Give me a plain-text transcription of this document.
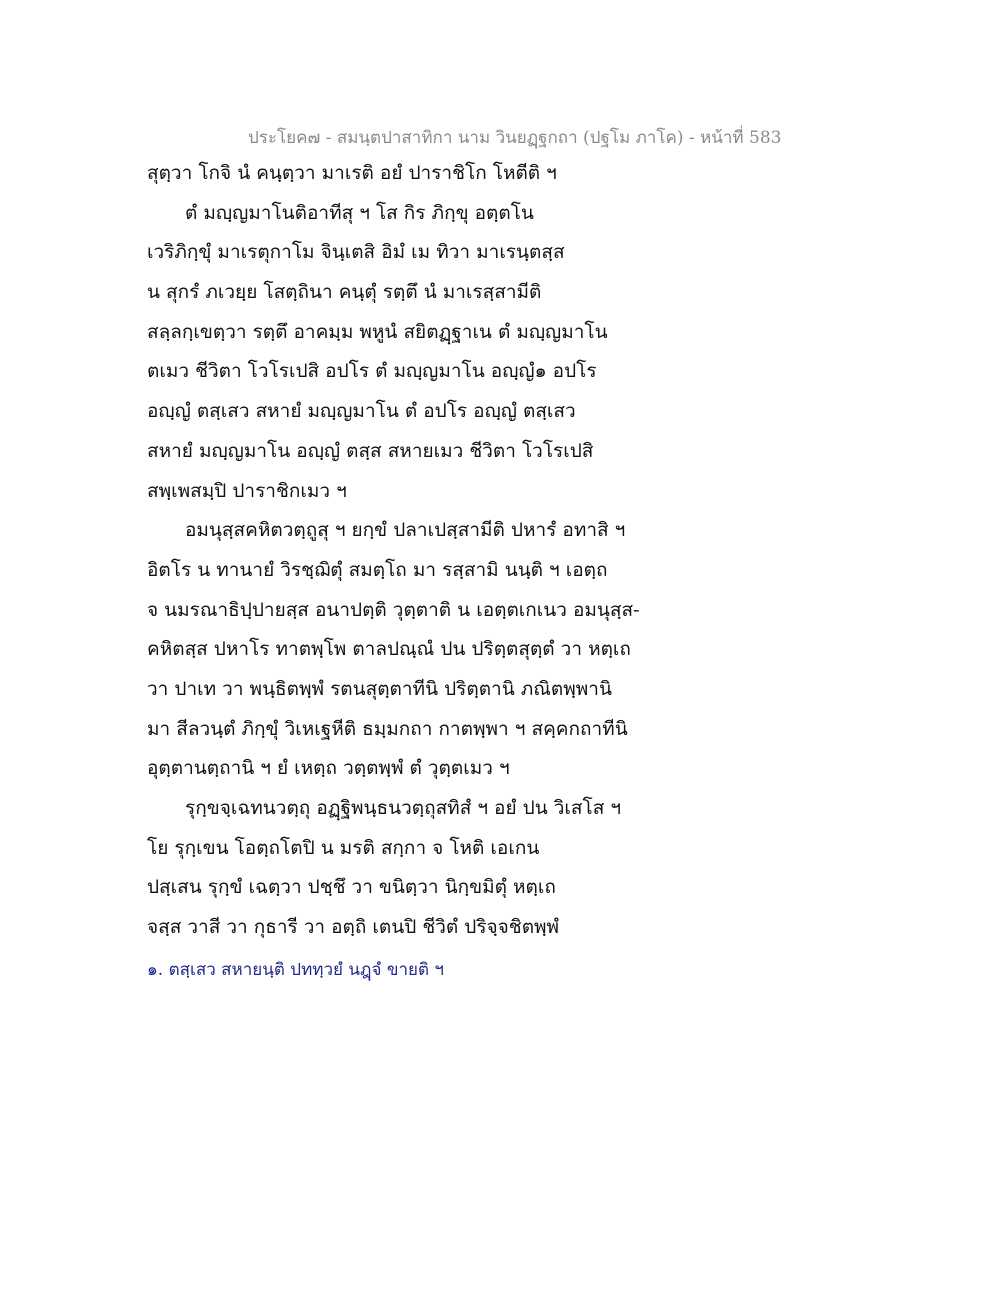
ประโยค๗ - สมนฺตปาสาทิกา นาม วินยฏฺฐกถา (ปฐโม ภาโค) - หน้าที่ 583
สุตฺวา โกจิ นํ คนฺตฺวา มาเรติ อยํ ปาราชิโก โหตีติ ฯ
ตํ มญฺญมาโนติอาทีสุ ฯ โส กิร ภิกฺขุ อตฺตโน
เวริภิกฺขุํ มาเรตุกาโม จินฺเตสิ อิมํ เม ทิวา มาเรนฺตสฺส
น สุกรํ ภเวยฺย โสตฺถินา คนฺตุํ รตฺตึ นํ มาเรสฺสามีติ
สลฺลกฺเขตฺวา รตฺตึ อาคมฺม พหูนํ สยิตฏฺฐาเน ตํ มญฺญมาโน
ตเมว ชีวิตา โวโรเปสิ อปโร ตํ มญฺญมาโน อญฺญํ๑ อปโร
อญฺญํ ตสฺเสว สหายํ มญฺญมาโน ตํ อปโร อญฺญํ ตสฺเสว
สหายํ มญฺญมาโน อญฺญํ ตสฺส สหายเมว ชีวิตา โวโรเปสิ
สพฺเพสมฺปิ ปาราชิกเมว ฯ
อมนุสฺสคหิตวตฺถูสุ ฯ ยกฺขํ ปลาเปสฺสามีติ ปหารํ อทาสิ ฯ
อิตโร น ทานายํ วิรชฺฌิตุํ สมตฺโถ มา รสฺสามิ นนฺติ ฯ เอตฺถ
จ นมรณาธิปฺปายสฺส อนาปตฺติ วุตฺตาติ น เอตฺตเกเนว อมนุสฺส-
คหิตสฺส ปหาโร ทาตพฺโพ ตาลปณฺณํ ปน ปริตฺตสุตฺตํ วา หตฺเถ
วา ปาเท วา พนฺธิตพฺพํ รตนสุตฺตาทีนิ ปริตฺตานิ ภณิตพฺพานิ
มา สีลวนฺตํ ภิกฺขุํ วิเหเฐหีติ ธมฺมกถา กาตพฺพา ฯ สคฺคกถาทีนิ
อุตฺตานตฺถานิ ฯ ยํ เหตฺถ วตฺตพฺพํ ตํ วุตฺตเมว ฯ
รุกฺขจฺเฉทนวตฺถุ อฏฺฐิพนฺธนวตฺถุสทิสํ ฯ อยํ ปน วิเสโส ฯ
โย รุกฺเขน โอตฺถโตปิ น มรติ สกฺกา จ โหติ เอเกน
ปสฺเสน รุกฺขํ เฉตฺวา ปชฺชึ วา ขนิตฺวา นิกฺขมิตุํ หตฺเถ
จสฺส วาสี วา กุธารี วา อตฺถิ เตนปิ ชีวิตํ ปริจฺจชิตพฺพํ
๑. ตสฺเสว สหายนฺติ ปททฺวยํ นฎฺจํ ขายติ ฯ
